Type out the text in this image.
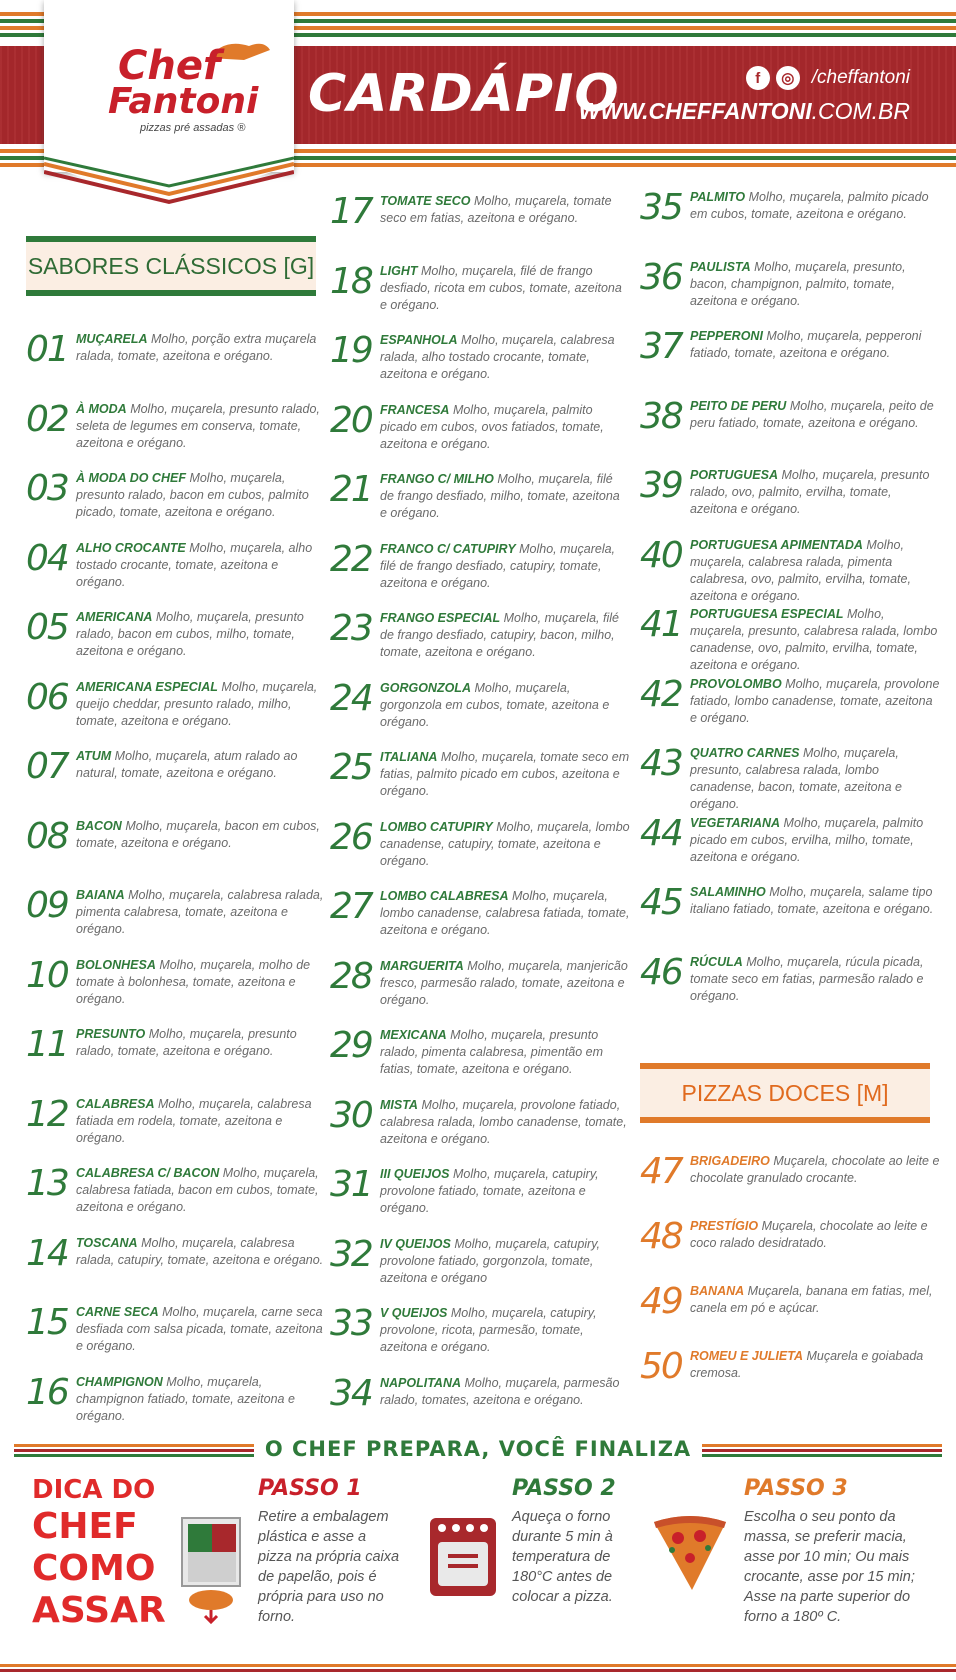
CARDÁPIO	f	◎ /cheffantoni
WWW.CHEFFANTONI.COM.BR
Chef
Fantoni
pizzas pré assadas ®
SABORES CLÁSSICOS [G]
PIZZAS DOCES [M]
01 MUÇARELA Molho, porção extra muçarela ralada, tomate, azeitona e orégano.
02 À MODA Molho, muçarela, presunto ralado, seleta de legumes em conserva, tomate, azeitona e orégano.
03 À MODA DO CHEF Molho, muçarela, presunto ralado, bacon em cubos, palmito picado, tomate, azeitona e orégano.
04 ALHO CROCANTE Molho, muçarela, alho tostado crocante, tomate, azeitona e orégano.
05 AMERICANA Molho, muçarela, presunto ralado, bacon em cubos, milho, tomate, azeitona e orégano.
06 AMERICANA ESPECIAL Molho, muçarela, queijo cheddar, presunto ralado, milho, tomate, azeitona e orégano.
07 ATUM Molho, muçarela, atum ralado ao natural, tomate, azeitona e orégano.
08 BACON Molho, muçarela, bacon em cubos, tomate, azeitona e orégano.
09 BAIANA Molho, muçarela, calabresa ralada, pimenta calabresa, tomate, azeitona e orégano.
10 BOLONHESA Molho, muçarela, molho de tomate à bolonhesa, tomate, azeitona e orégano.
11 PRESUNTO Molho, muçarela, presunto ralado, tomate, azeitona e orégano.
12 CALABRESA Molho, muçarela, calabresa fatiada em rodela, tomate, azeitona e orégano.
13 CALABRESA C/ BACON Molho, muçarela, calabresa fatiada, bacon em cubos, tomate, azeitona e orégano.
14 TOSCANA Molho, muçarela, calabresa ralada, catupiry, tomate, azeitona e orégano.
15 CARNE SECA Molho, muçarela, carne seca desfiada com salsa picada, tomate, azeitona e orégano.
16 CHAMPIGNON Molho, muçarela, champignon fatiado, tomate, azeitona e orégano.
17 TOMATE SECO Molho, muçarela, tomate seco em fatias, azeitona e orégano.
18 LIGHT Molho, muçarela, filé de frango desfiado, ricota em cubos, tomate, azeitona e orégano.
19 ESPANHOLA Molho, muçarela, calabresa ralada, alho tostado crocante, tomate, azeitona e orégano.
20 FRANCESA Molho, muçarela, palmito picado em cubos, ovos fatiados, tomate, azeitona e orégano.
21 FRANGO C/ MILHO Molho, muçarela, filé de frango desfiado, milho, tomate, azeitona e orégano.
22 FRANCO C/ CATUPIRY Molho, muçarela, filé de frango desfiado, catupiry, tomate, azeitona e orégano.
23 FRANGO ESPECIAL Molho, muçarela, filé de frango desfiado, catupiry, bacon, milho, tomate, azeitona e orégano.
24 GORGONZOLA Molho, muçarela, gorgonzola em cubos, tomate, azeitona e orégano.
25 ITALIANA Molho, muçarela, tomate seco em fatias, palmito picado em cubos, azeitona e orégano.
26 LOMBO CATUPIRY Molho, muçarela, lombo canadense, catupiry, tomate, azeitona e orégano.
27 LOMBO CALABRESA Molho, muçarela, lombo canadense, calabresa fatiada, tomate, azeitona e orégano.
28 MARGUERITA Molho, muçarela, manjericão fresco, parmesão ralado, tomate, azeitona e orégano.
29 MEXICANA Molho, muçarela, presunto ralado, pimenta calabresa, pimentão em fatias, tomate, azeitona e orégano.
30 MISTA Molho, muçarela, provolone fatiado, calabresa ralada, lombo canadense, tomate, azeitona e orégano.
31 III QUEIJOS Molho, muçarela, catupiry, provolone fatiado, tomate, azeitona e orégano.
32 IV QUEIJOS Molho, muçarela, catupiry, provolone fatiado, gorgonzola, tomate, azeitona e orégano
33 V QUEIJOS Molho, muçarela, catupiry, provolone, ricota, parmesão, tomate, azeitona e orégano.
34 NAPOLITANA Molho, muçarela, parmesão ralado, tomates, azeitona e orégano.
35 PALMITO Molho, muçarela, palmito picado em cubos, tomate, azeitona e orégano.
36 PAULISTA Molho, muçarela, presunto, bacon, champignon, palmito, tomate, azeitona e orégano.
37 PEPPERONI Molho, muçarela, pepperoni fatiado, tomate, azeitona e orégano.
38 PEITO DE PERU Molho, muçarela, peito de peru fatiado, tomate, azeitona e orégano.
39 PORTUGUESA Molho, muçarela, presunto ralado, ovo, palmito, ervilha, tomate, azeitona e orégano.
40 PORTUGUESA APIMENTADA Molho, muçarela, calabresa ralada, pimenta calabresa, ovo, palmito, ervilha, tomate, azeitona e orégano.
41 PORTUGUESA ESPECIAL Molho, muçarela, presunto, calabresa ralada, lombo canadense, ovo, palmito, ervilha, tomate, azeitona e orégano.
42 PROVOLOMBO Molho, muçarela, provolone fatiado, lombo canadense, tomate, azeitona e orégano.
43 QUATRO CARNES Molho, muçarela, presunto, calabresa ralada, lombo canadense, bacon, tomate, azeitona e orégano.
44 VEGETARIANA Molho, muçarela, palmito picado em cubos, ervilha, milho, tomate, azeitona e orégano.
45 SALAMINHO Molho, muçarela, salame tipo italiano fatiado, tomate, azeitona e orégano.
46 RÚCULA Molho, muçarela, rúcula picada, tomate seco em fatias, parmesão ralado e orégano.
47 BRIGADEIRO Muçarela, chocolate ao leite e chocolate granulado crocante.
48 PRESTÍGIO Muçarela, chocolate ao leite e coco ralado desidratado.
49 BANANA Muçarela, banana em fatias, mel, canela em pó e açúcar.
50 ROMEU E JULIETA Muçarela e goiabada cremosa.
O CHEF PREPARA, VOCÊ FINALIZA
DICA DO
CHEF
COMO
ASSAR
PASSO 1
Retire a embalagem plástica e asse a pizza na própria caixa de papelão, pois é própria para uso no forno.
PASSO 2
Aqueça o forno durante 5 min à temperatura de 180°C antes de colocar a pizza.
PASSO 3
Escolha o seu ponto da massa, se preferir macia, asse por 10 min; Ou mais crocante, asse por 15 min; Asse na parte superior do forno a 180º C.
